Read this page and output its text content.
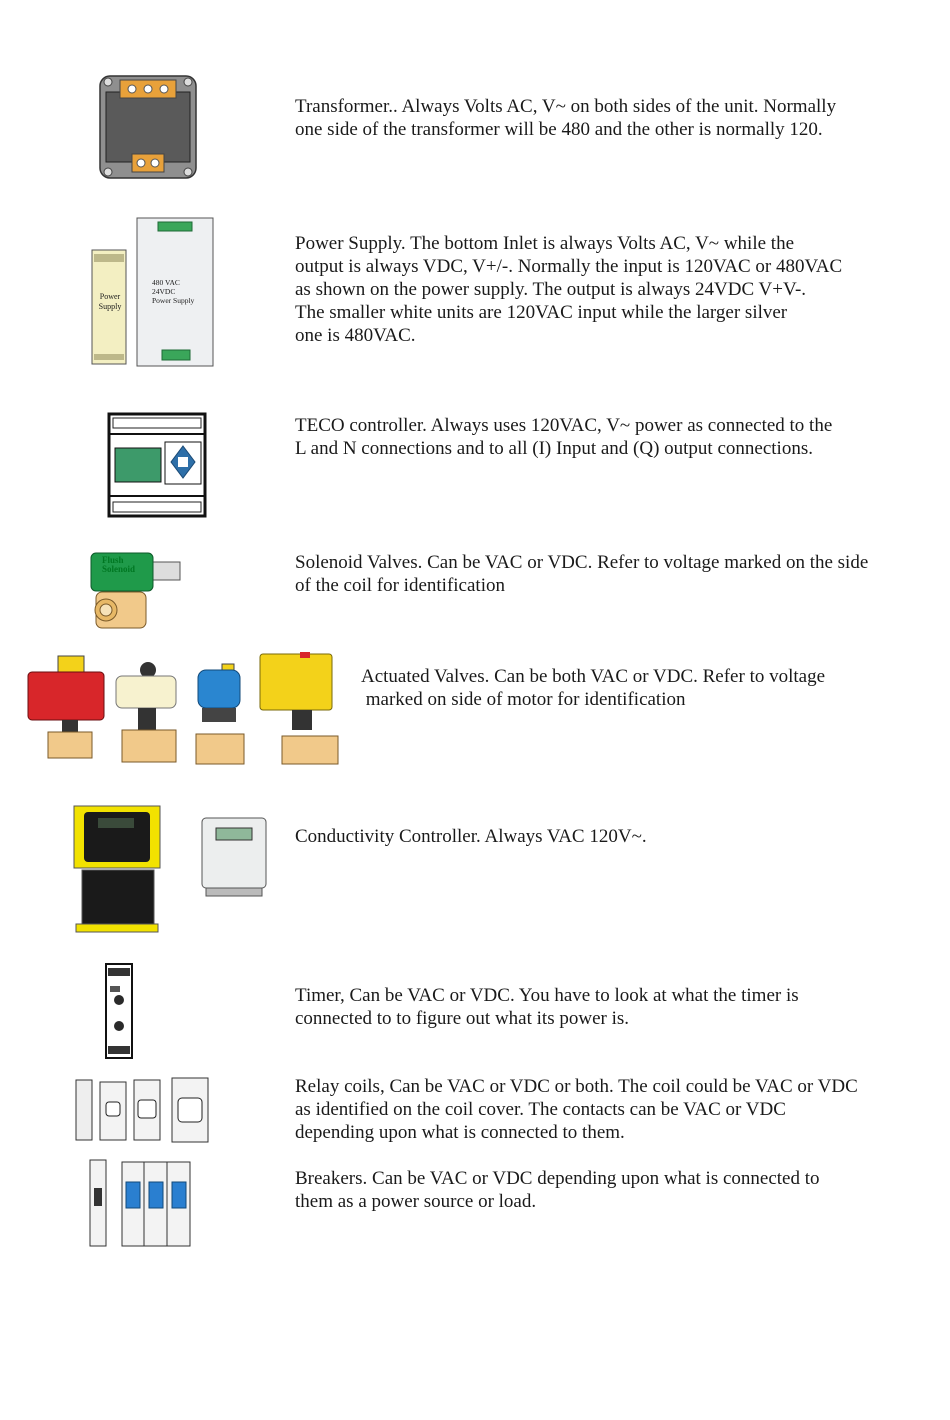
Transformer.. Always Volts AC, V~ on both sides of the unit. Normally

one side of the transformer will be 480 and the other is normally 120.

Power
Supply
480 VAC
24VDC
Power Supply

Power Supply. The bottom Inlet is always Volts AC, V~ while the

output is always VDC, V+/-. Normally the input is 120VAC or 480VAC

as shown on the power supply. The output is always 24VDC V+V-.

The smaller white units are 120VAC input while the larger silver

one is 480VAC.

TECO controller. Always uses 120VAC, V~ power as connected to the

L and N connections and to all (I) Input and (Q) output connections.

Flush
Solenoid	Solenoid Valves. Can be VAC or VDC. Refer to voltage marked on the side

of the coil for identification

Actuated Valves. Can be both VAC or VDC. Refer to voltage

marked on side of motor for identification

Conductivity Controller. Always VAC 120V~.

Timer, Can be VAC or VDC. You have to look at what the timer is

connected to to figure out what its power is.

Relay coils, Can be VAC or VDC or both. The coil could be VAC or VDC

as identified on the coil cover. The contacts can be VAC or VDC

depending upon what is connected to them.

Breakers. Can be VAC or VDC depending upon what is connected to

them as a power source or load.
